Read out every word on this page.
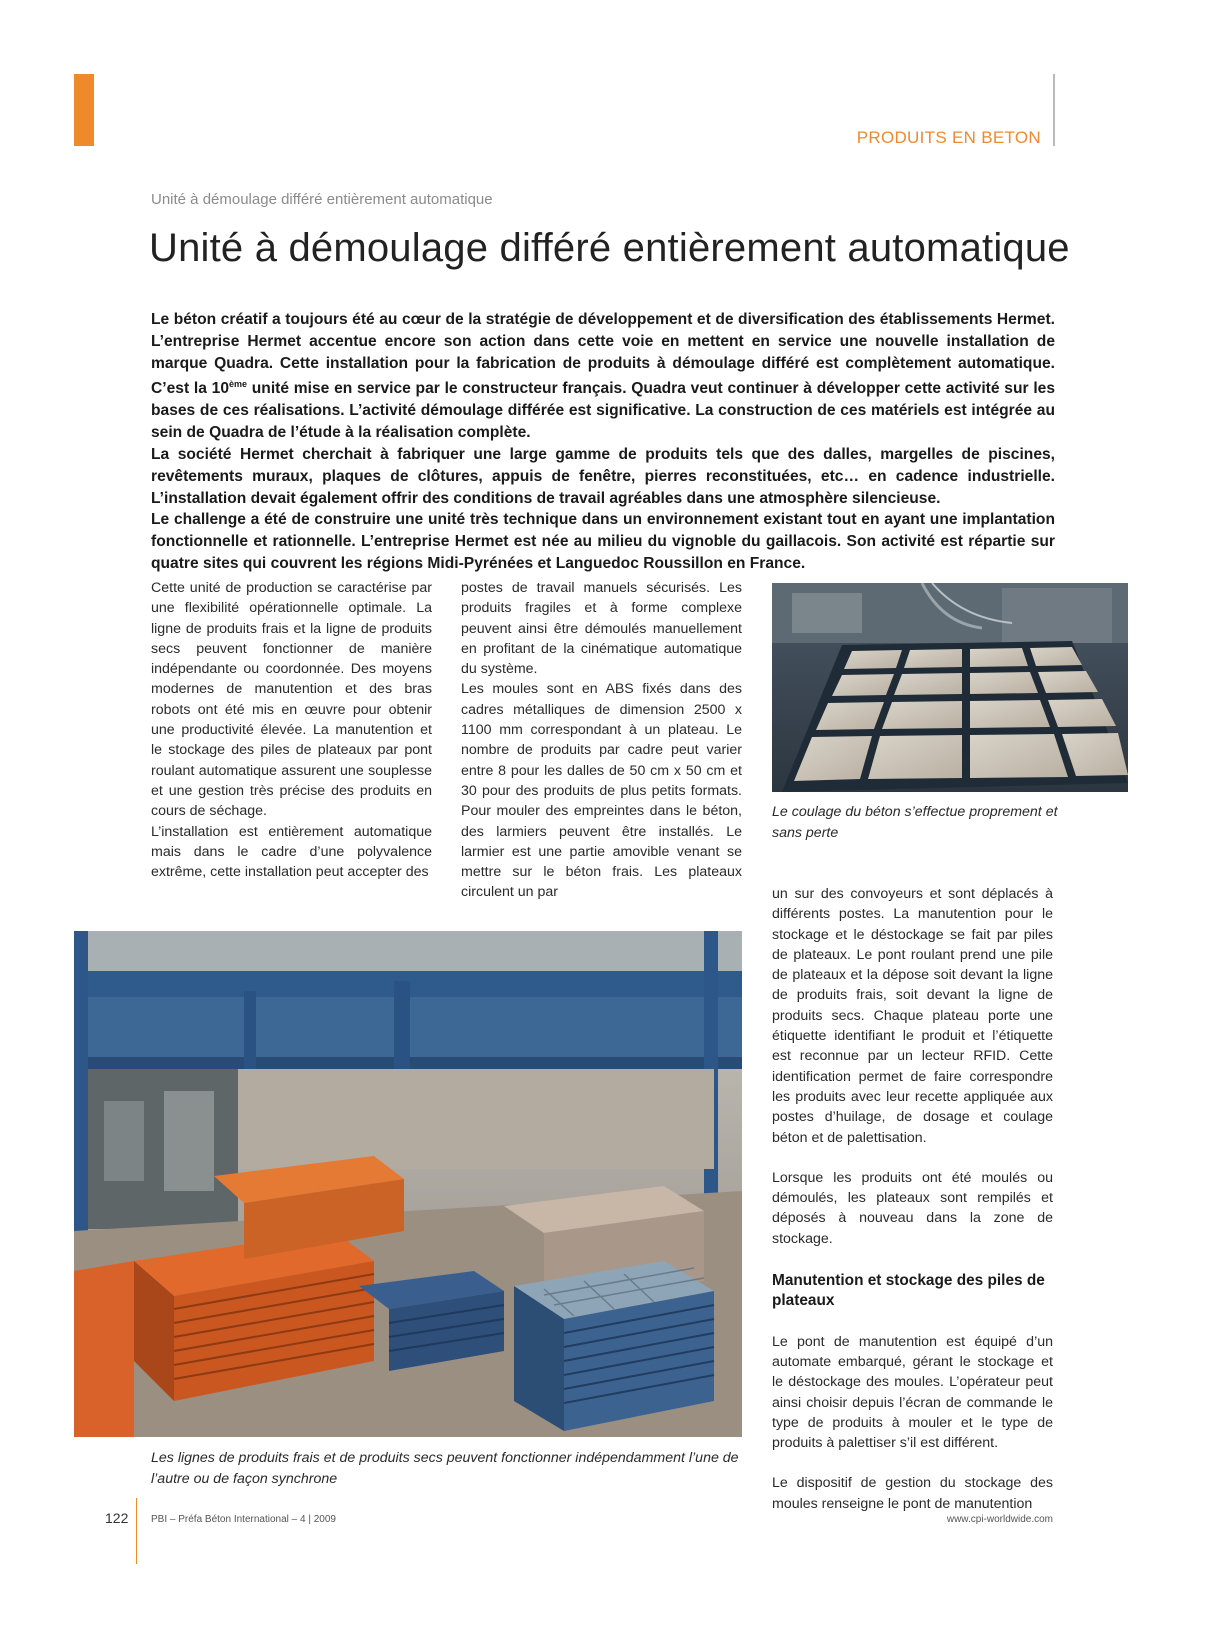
PRODUITS EN BETON
Unité à démoulage différé entièrement automatique
Unité à démoulage différé entièrement automatique

Le béton créatif a toujours été au cœur de la stratégie de développement et de diversification des établissements Hermet. L’entreprise Hermet accentue encore son action dans cette voie en mettent en service une nouvelle installation de marque Quadra. Cette installation pour la fabrication de produits à démoulage différé est complètement automatique. C’est la 10ème unité mise en service par le constructeur français. Quadra veut continuer à développer cette activité sur les bases de ces réalisations. L’activité démoulage différée est significative. La construction de ces matériels est intégrée au sein de Quadra de l’étude à la réalisation complète.

La société Hermet cherchait à fabriquer une large gamme de produits tels que des dalles, margelles de piscines, revêtements muraux, plaques de clôtures, appuis de fenêtre, pierres reconstituées, etc… en cadence industrielle. L’installation devait également offrir des conditions de travail agréables dans une atmosphère silencieuse.

Le challenge a été de construire une unité très technique dans un environnement existant tout en ayant une implantation fonctionnelle et rationnelle. L’entreprise Hermet est née au milieu du vignoble du gaillacois. Son activité est répartie sur quatre sites qui couvrent les régions Midi-Pyrénées et Languedoc Roussillon en France.

Cette unité de production se caractérise par une flexibilité opérationnelle optimale. La ligne de produits frais et la ligne de produits secs peuvent fonctionner de manière indépendante ou coordonnée. Des moyens modernes de manutention et des bras robots ont été mis en œuvre pour obtenir une productivité élevée. La manutention et le stockage des piles de plateaux par pont roulant automatique assurent une souplesse et une gestion très précise des produits en cours de séchage.

L’installation est entièrement automatique mais dans le cadre d’une polyvalence extrême, cette installation peut accepter des

postes de travail manuels sécurisés. Les produits fragiles et à forme complexe peuvent ainsi être démoulés manuellement en profitant de la cinématique automatique du système.

Les moules sont en ABS fixés dans des cadres métalliques de dimension 2500 x 1100 mm correspondant à un plateau. Le nombre de produits par cadre peut varier entre 8 pour les dalles de 50 cm x 50 cm et 30 pour des produits de plus petits formats. Pour mouler des empreintes dans le béton, des larmiers peuvent être installés. Le larmier est une partie amovible venant se mettre sur le béton frais. Les plateaux circulent un par

Le coulage du béton s’effectue proprement et sans perte

un sur des convoyeurs et sont déplacés à différents postes. La manutention pour le stockage et le déstockage se fait par piles de plateaux. Le pont roulant prend une pile de plateaux et la dépose soit devant la ligne de produits frais, soit devant la ligne de produits secs. Chaque plateau porte une étiquette identifiant le produit et l’étiquette est reconnue par un lecteur RFID. Cette identification permet de faire correspondre les produits avec leur recette appliquée aux postes d’huilage, de dosage et coulage béton et de palettisation.

Lorsque les produits ont été moulés ou démoulés, les plateaux sont rempilés et déposés à nouveau dans la zone de stockage.

Manutention et stockage des piles de plateaux

Le pont de manutention est équipé d’un automate embarqué, gérant le stockage et le déstockage des moules. L’opérateur peut ainsi choisir depuis l’écran de commande le type de produits à mouler et le type de produits à palettiser s’il est différent.

Le dispositif de gestion du stockage des moules renseigne le pont de manutention

Les lignes de produits frais et de produits secs peuvent fonctionner indépendamment l’une de l’autre ou de façon synchrone
122 PBI – Préfa Béton International – 4 | 2009	www.cpi-worldwide.com
